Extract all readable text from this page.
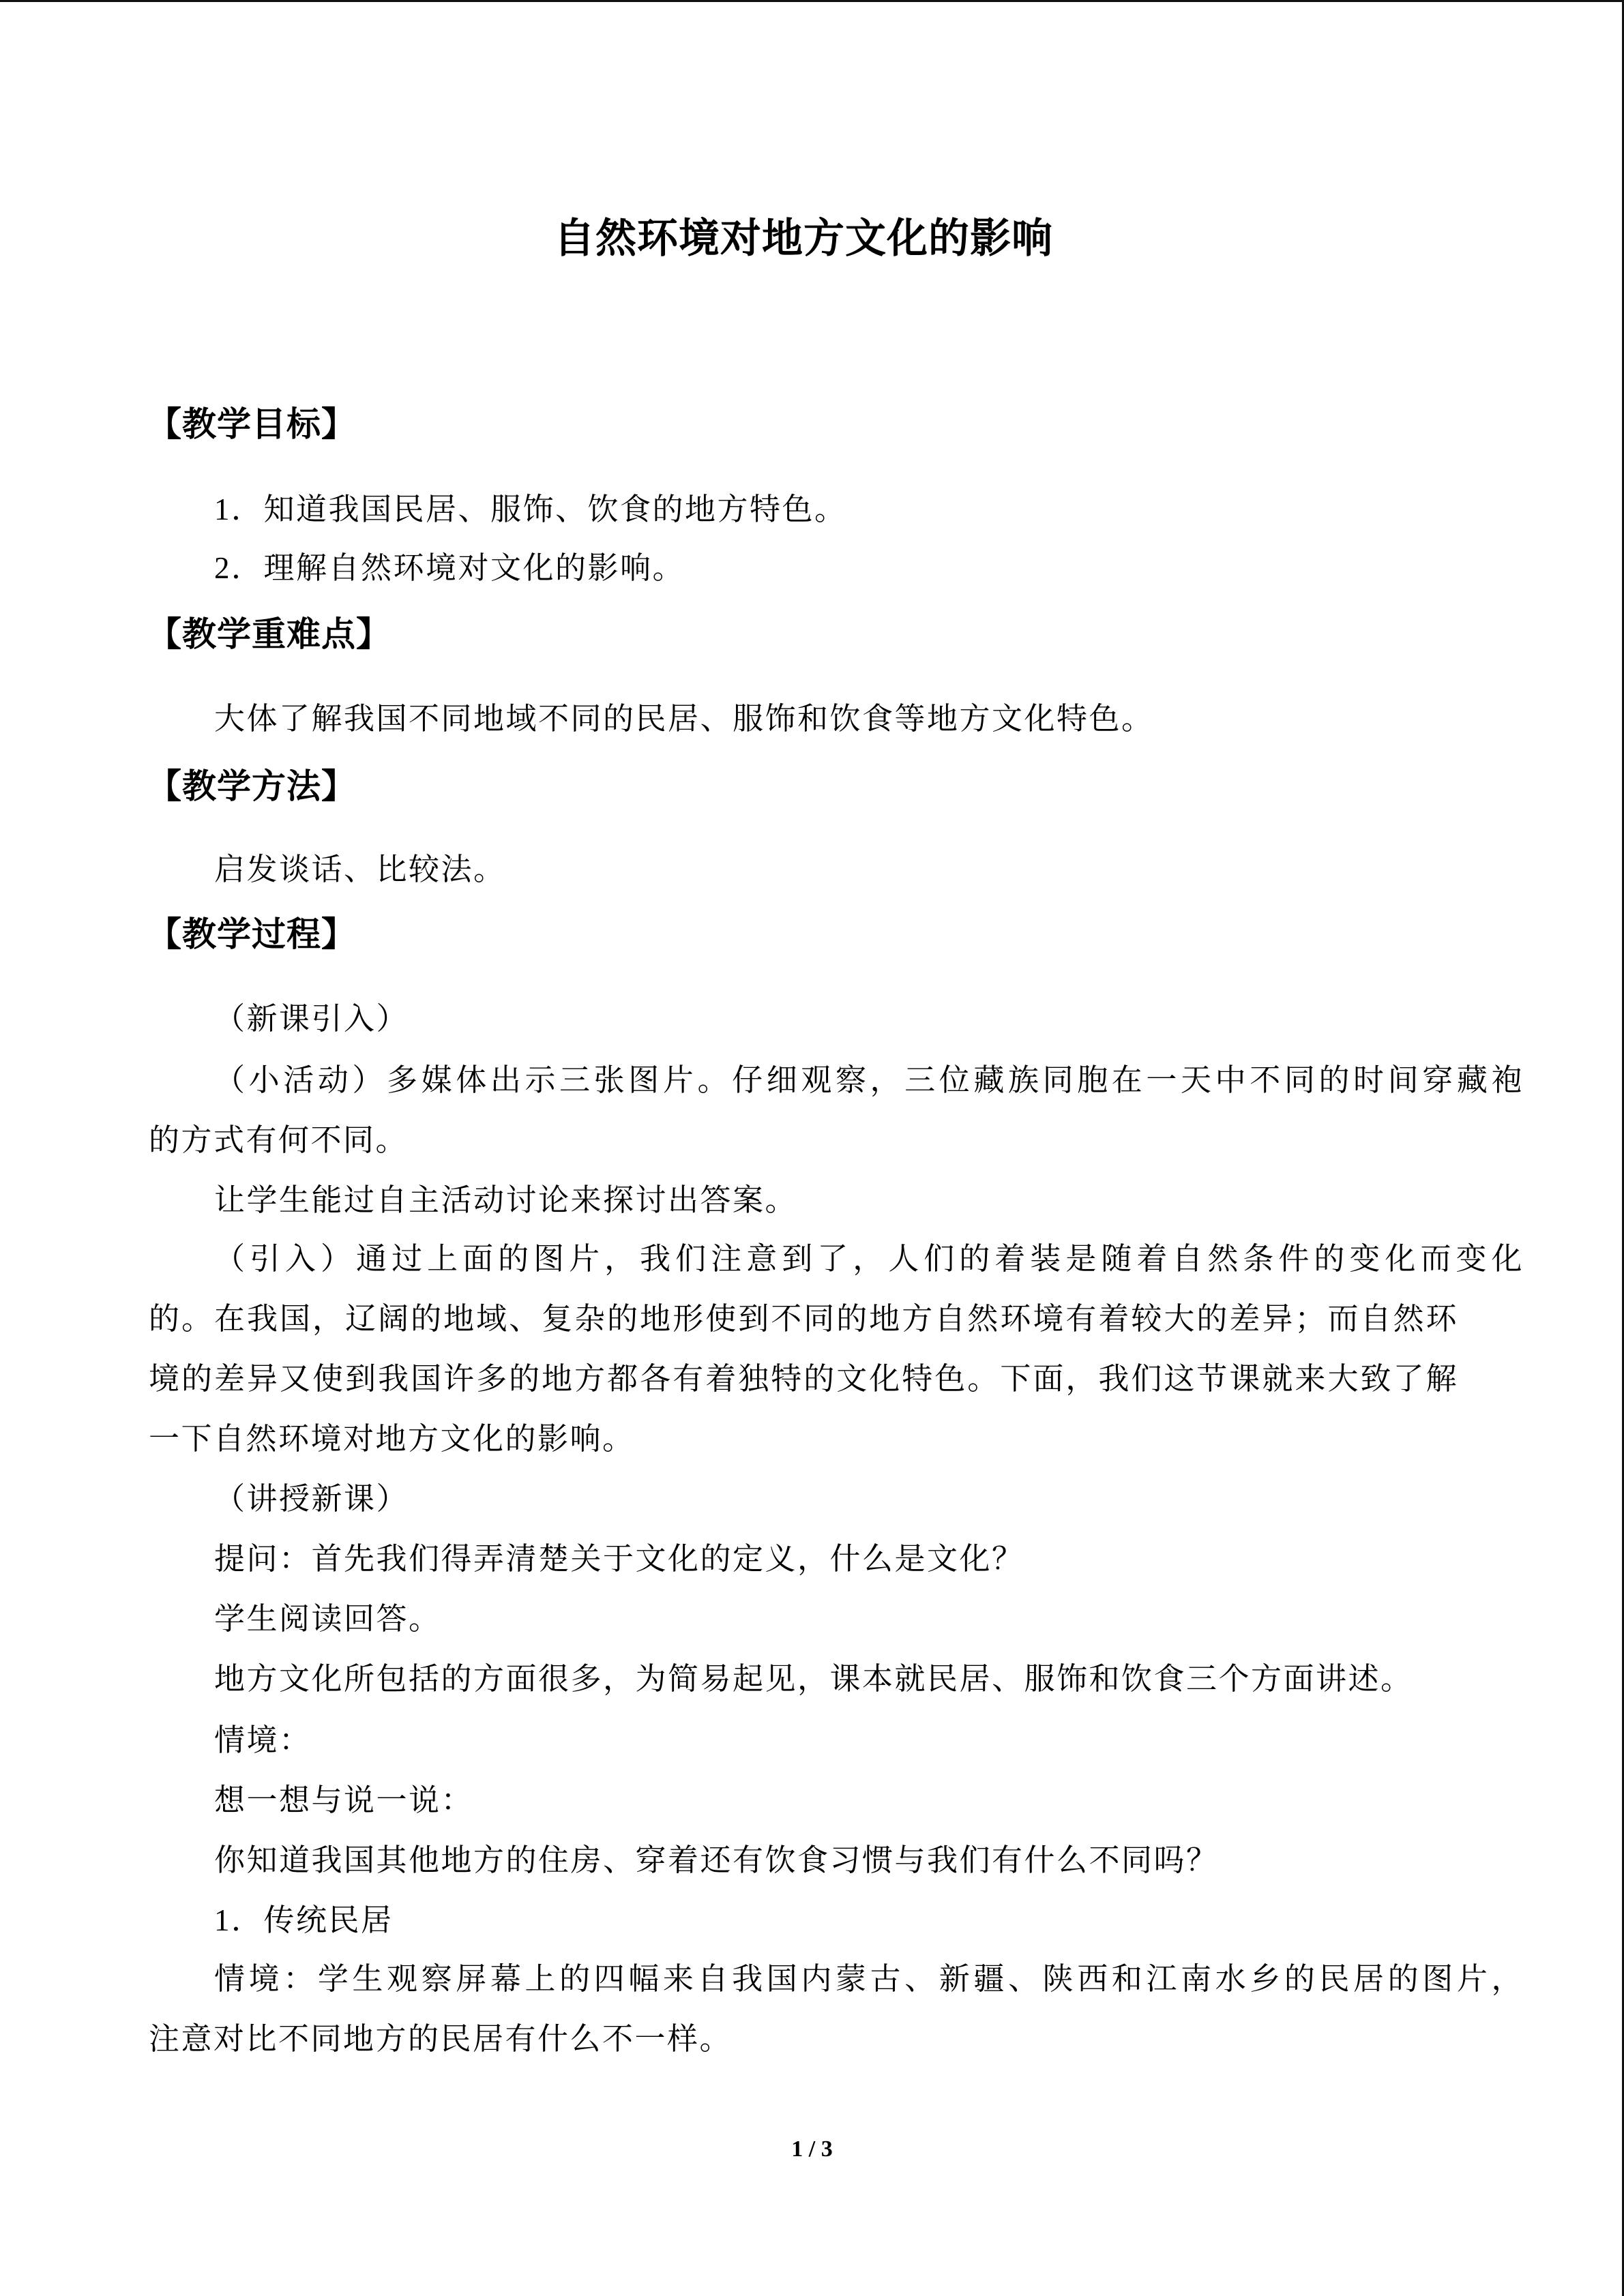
自然环境对地方文化的影响
【教学目标】
1．知道我国民居、服饰、饮食的地方特色。
2．理解自然环境对文化的影响。
【教学重难点】
大体了解我国不同地域不同的民居、服饰和饮食等地方文化特色。
【教学方法】
启发谈话、比较法。
【教学过程】
（新课引入）
（小活动）多媒体出示三张图片。仔细观察，三位藏族同胞在一天中不同的时间穿藏袍
的方式有何不同。
让学生能过自主活动讨论来探讨出答案。
（引入）通过上面的图片，我们注意到了，人们的着装是随着自然条件的变化而变化
的。在我国，辽阔的地域、复杂的地形使到不同的地方自然环境有着较大的差异；而自然环
境的差异又使到我国许多的地方都各有着独特的文化特色。下面，我们这节课就来大致了解
一下自然环境对地方文化的影响。
（讲授新课）
提问：首先我们得弄清楚关于文化的定义，什么是文化？
学生阅读回答。
地方文化所包括的方面很多，为简易起见，课本就民居、服饰和饮食三个方面讲述。
情境：
想一想与说一说：
你知道我国其他地方的住房、穿着还有饮食习惯与我们有什么不同吗？
1．传统民居
情境：学生观察屏幕上的四幅来自我国内蒙古、新疆、陕西和江南水乡的民居的图片，
注意对比不同地方的民居有什么不一样。
1 / 3
